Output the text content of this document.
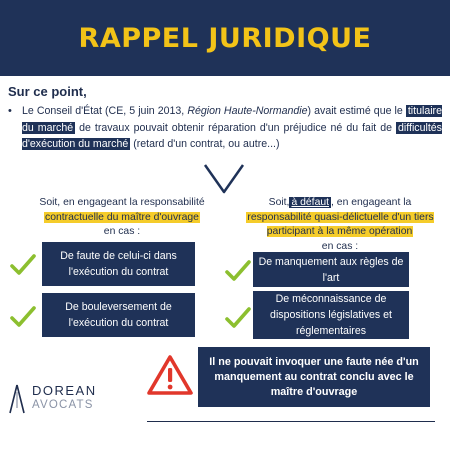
RAPPEL JURIDIQUE
Sur ce point,
• Le Conseil d'État (CE, 5 juin 2013, Région Haute-Normandie) avait estimé que le titulaire du marché de travaux pouvait obtenir réparation d'un préjudice né du fait de difficultés d'exécution du marché (retard d'un contrat, ou autre...)
Soit, en engageant la responsabilité
contractuelle du maître d'ouvrage
en cas :
Soit, à défaut , en engageant la
responsabilité quasi-délictuelle d'un tiers participant à la même opération
en cas :
De faute de celui-ci dans l'exécution du contrat
De bouleversement de l'exécution du contrat
De manquement aux règles de l'art
De méconnaissance de dispositions législatives et réglementaires
Il ne pouvait invoquer une faute née d'un manquement au contrat conclu avec le maître d'ouvrage
DOREAN
AVOCATS
